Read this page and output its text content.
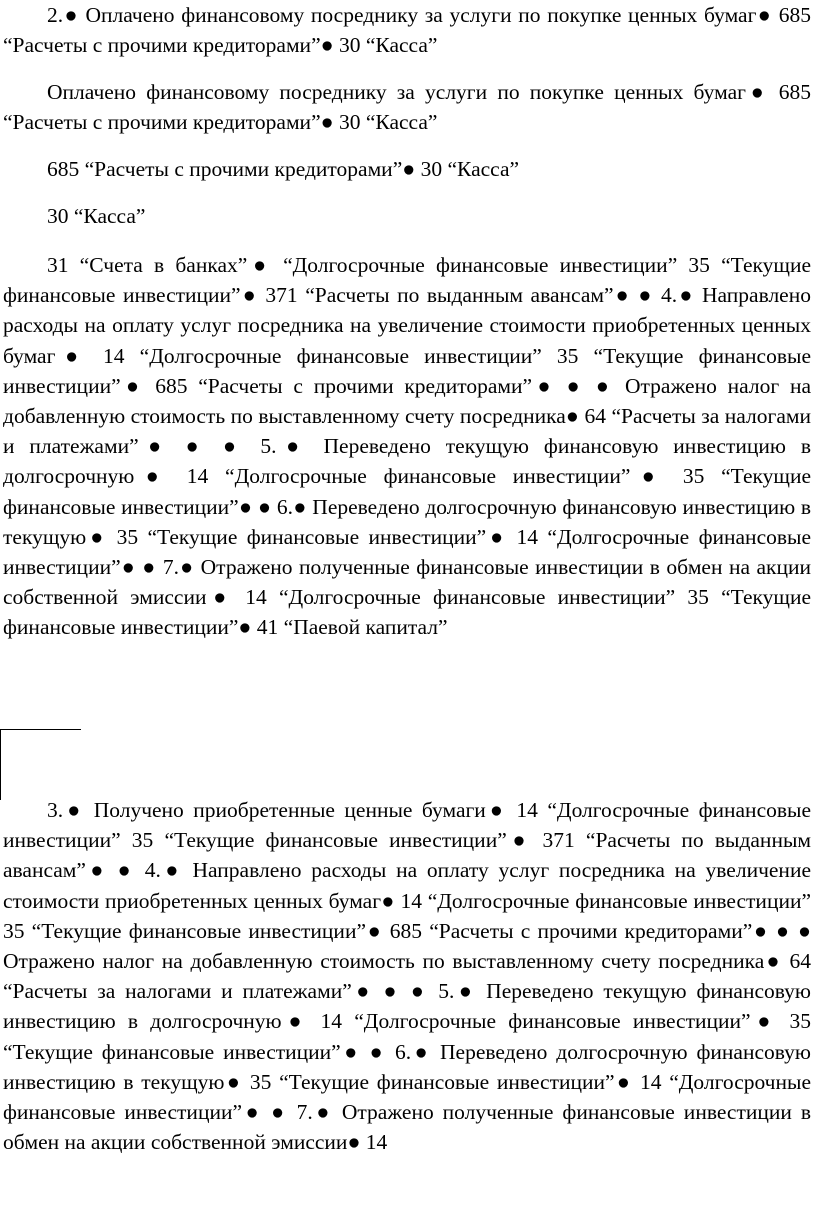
2.● Оплачено финансовому посреднику за услуги по покупке ценных бумаг● 685 “Расчеты с прочими кредиторами”● 30 “Касса”

Оплачено финансовому посреднику за услуги по покупке ценных бумаг● 685 “Расчеты с прочими кредиторами”● 30 “Касса”

685 “Расчеты с прочими кредиторами”● 30 “Касса”

30 “Касса”

31 “Счета в банках”● “Долгосрочные финансовые инвестиции” 35 “Текущие финансовые инвестиции”● 371 “Расчеты по выданным авансам”● ● 4.● Направлено расходы на оплату услуг посредника на увеличение стоимости приобретенных ценных бумаг● 14 “Долгосрочные финансовые инвестиции” 35 “Текущие финансовые инвестиции”● 685 “Расчеты с прочими кредиторами”● ● ● Отражено налог на добавленную стоимость по выставленному счету посредника● 64 “Расчеты за налогами и платежами”● ● ● 5.● Переведено текущую финансовую инвестицию в долгосрочную● 14 “Долгосрочные финансовые инвестиции”● 35 “Текущие финансовые инвестиции”● ● 6.● Переведено долгосрочную финансовую инвестицию в текущую● 35 “Текущие финансовые инвестиции”● 14 “Долгосрочные финансовые инвестиции”● ● 7.● Отражено полученные финансовые инвестиции в обмен на акции собственной эмиссии● 14 “Долгосрочные финансовые инвестиции” 35 “Текущие финансовые инвестиции”● 41 “Паевой капитал”

3.● Получено приобретенные ценные бумаги● 14 “Долгосрочные финансовые инвестиции” 35 “Текущие финансовые инвестиции”● 371 “Расчеты по выданным авансам”● ● 4.● Направлено расходы на оплату услуг посредника на увеличение стоимости приобретенных ценных бумаг● 14 “Долгосрочные финансовые инвестиции” 35 “Текущие финансовые инвестиции”● 685 “Расчеты с прочими кредиторами”● ● ● Отражено налог на добавленную стоимость по выставленному счету посредника● 64 “Расчеты за налогами и платежами”● ● ● 5.● Переведено текущую финансовую инвестицию в долгосрочную● 14 “Долгосрочные финансовые инвестиции”● 35 “Текущие финансовые инвестиции”● ● 6.● Переведено долгосрочную финансовую инвестицию в текущую● 35 “Текущие финансовые инвестиции”● 14 “Долгосрочные финансовые инвестиции”● ● 7.● Отражено полученные финансовые инвестиции в обмен на акции собственной эмиссии● 14
